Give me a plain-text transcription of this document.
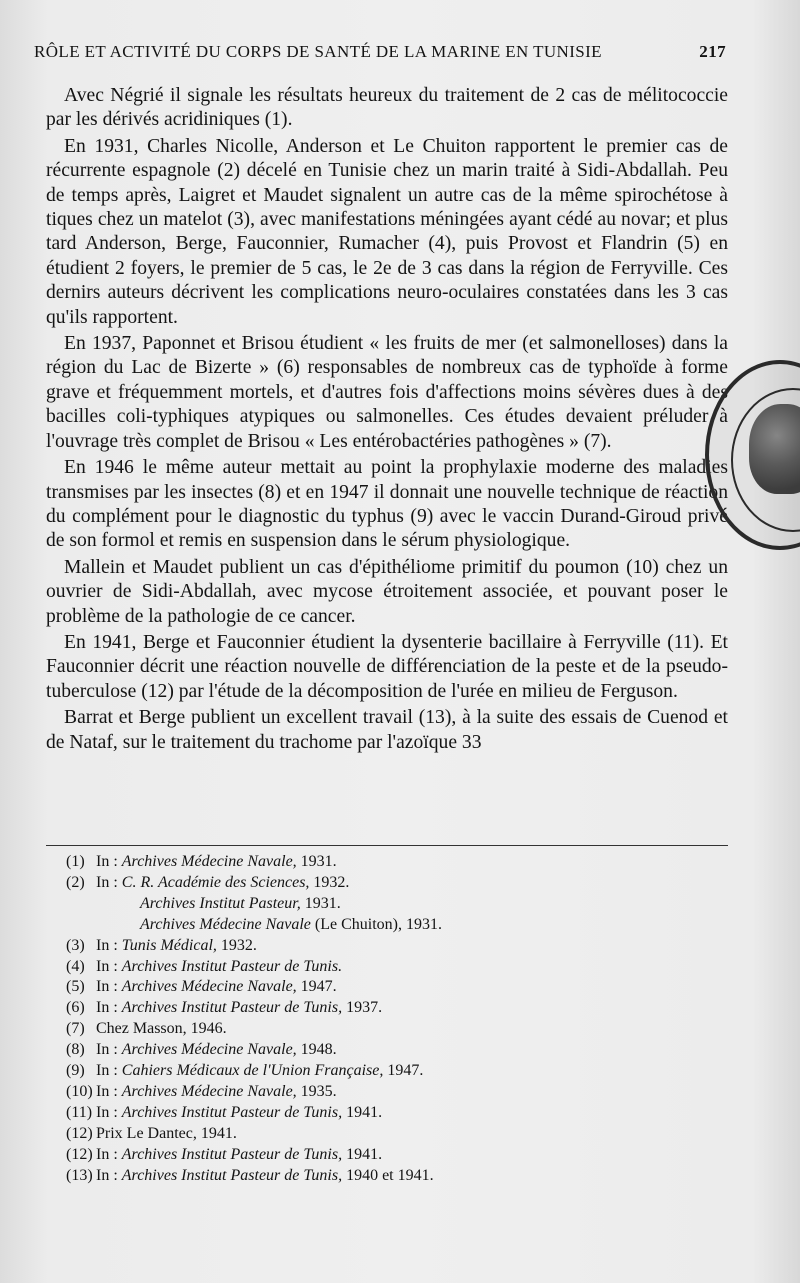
RÔLE ET ACTIVITÉ DU CORPS DE SANTÉ DE LA MARINE EN TUNISIE	217

Avec Négrié il signale les résultats heureux du traitement de 2 cas de mélitococcie par les dérivés acridiniques (1).

En 1931, Charles Nicolle, Anderson et Le Chuiton rapportent le premier cas de récurrente espagnole (2) décelé en Tunisie chez un marin traité à Sidi-Abdallah. Peu de temps après, Laigret et Maudet signalent un autre cas de la même spirochétose à tiques chez un matelot (3), avec manifestations méningées ayant cédé au novar; et plus tard Anderson, Berge, Fauconnier, Rumacher (4), puis Provost et Flandrin (5) en étudient 2 foyers, le premier de 5 cas, le 2e de 3 cas dans la région de Ferryville. Ces dernirs auteurs décrivent les complications neuro-oculaires constatées dans les 3 cas qu'ils rapportent.

En 1937, Paponnet et Brisou étudient « les fruits de mer (et salmonelloses) dans la région du Lac de Bizerte » (6) responsables de nombreux cas de typhoïde à forme grave et fréquemment mortels, et d'autres fois d'affections moins sévères dues à des bacilles coli-typhiques atypiques ou salmonelles. Ces études devaient préluder à l'ouvrage très complet de Brisou « Les entérobactéries pathogènes » (7).

En 1946 le même auteur mettait au point la prophylaxie moderne des maladies transmises par les insectes (8) et en 1947 il donnait une nouvelle technique de réaction du complément pour le diagnostic du typhus (9) avec le vaccin Durand-Giroud privé de son formol et remis en suspension dans le sérum physiologique.

Mallein et Maudet publient un cas d'épithéliome primitif du poumon (10) chez un ouvrier de Sidi-Abdallah, avec mycose étroitement associée, et pouvant poser le problème de la pathologie de ce cancer.

En 1941, Berge et Fauconnier étudient la dysenterie bacillaire à Ferryville (11). Et Fauconnier décrit une réaction nouvelle de différenciation de la peste et de la pseudo-tuberculose (12) par l'étude de la décomposition de l'urée en milieu de Ferguson.

Barrat et Berge publient un excellent travail (13), à la suite des essais de Cuenod et de Nataf, sur le traitement du trachome par l'azoïque 33

(1) In : Archives Médecine Navale, 1931.
(2) In : C. R. Académie des Sciences, 1932.
Archives Institut Pasteur, 1931.
Archives Médecine Navale (Le Chuiton), 1931.
(3) In : Tunis Médical, 1932.
(4) In : Archives Institut Pasteur de Tunis.
(5) In : Archives Médecine Navale, 1947.
(6) In : Archives Institut Pasteur de Tunis, 1937.
(7) Chez Masson, 1946.
(8) In : Archives Médecine Navale, 1948.
(9) In : Cahiers Médicaux de l'Union Française, 1947.
(10) In : Archives Médecine Navale, 1935.
(11) In : Archives Institut Pasteur de Tunis, 1941.
(12) Prix Le Dantec, 1941.
(12) In : Archives Institut Pasteur de Tunis, 1941.
(13) In : Archives Institut Pasteur de Tunis, 1940 et 1941.
